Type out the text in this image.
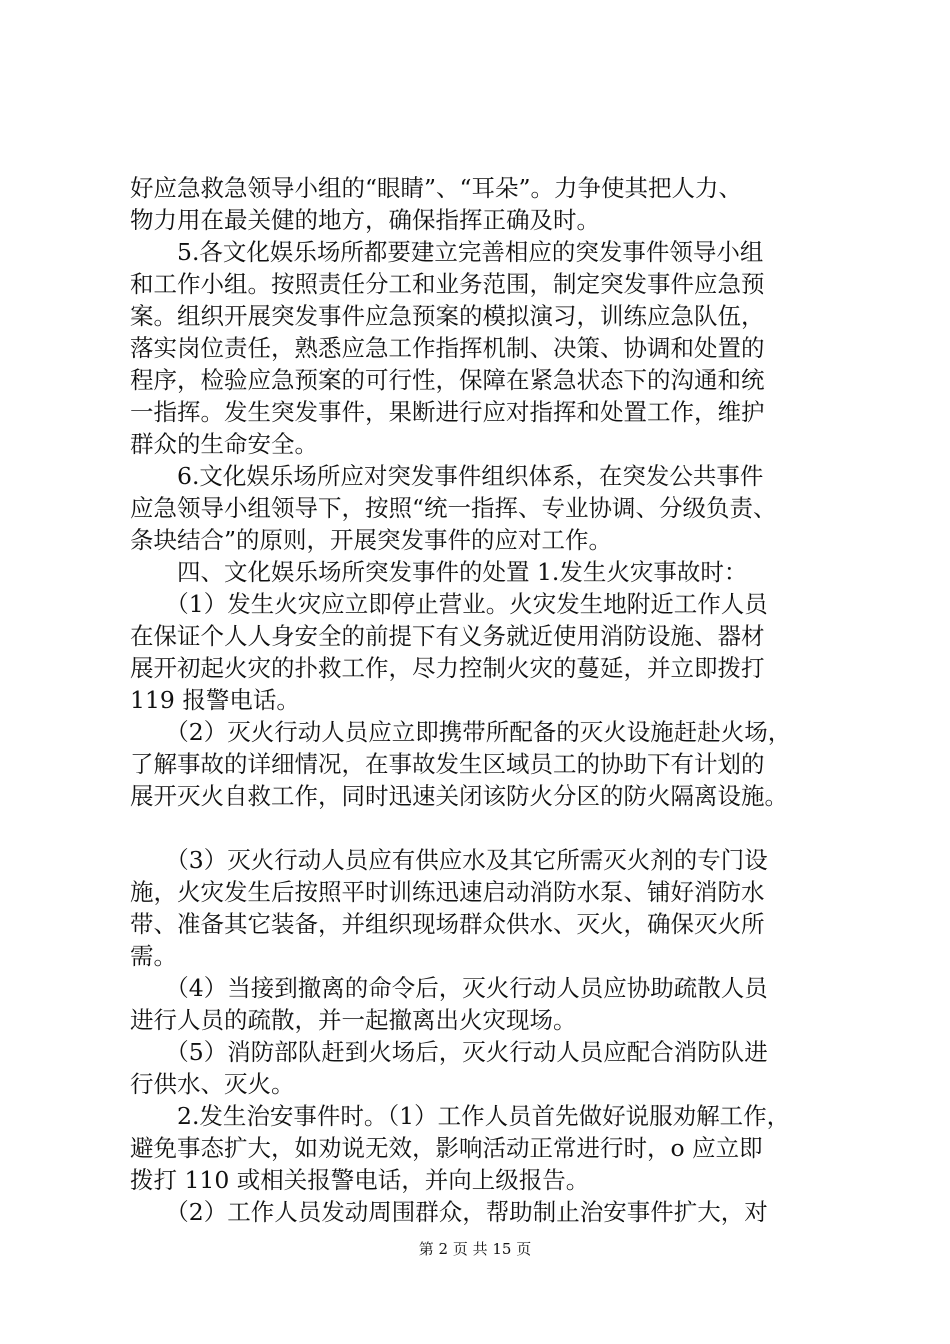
好应急救急领导小组的“眼睛”、“耳朵”。力争使其把人力、
物力用在最关健的地方，确保指挥正确及时。
　　5.各文化娱乐场所都要建立完善相应的突发事件领导小组
和工作小组。按照责任分工和业务范围，制定突发事件应急预
案。组织开展突发事件应急预案的模拟演习，训练应急队伍，
落实岗位责任，熟悉应急工作指挥机制、决策、协调和处置的
程序，检验应急预案的可行性，保障在紧急状态下的沟通和统
一指挥。发生突发事件，果断进行应对指挥和处置工作，维护
群众的生命安全。
　　6.文化娱乐场所应对突发事件组织体系，在突发公共事件
应急领导小组领导下，按照“统一指挥、专业协调、分级负责、
条块结合”的原则，开展突发事件的应对工作。
　　四、文化娱乐场所突发事件的处置 1.发生火灾事故时：
　　（1）发生火灾应立即停止营业。火灾发生地附近工作人员
在保证个人人身安全的前提下有义务就近使用消防设施、器材
展开初起火灾的扑救工作，尽力控制火灾的蔓延，并立即拨打
119 报警电话。
　　（2）灭火行动人员应立即携带所配备的灭火设施赶赴火场，
了解事故的详细情况，在事故发生区域员工的协助下有计划的
展开灭火自救工作，同时迅速关闭该防火分区的防火隔离设施。
　　（3）灭火行动人员应有供应水及其它所需灭火剂的专门设
施，火灾发生后按照平时训练迅速启动消防水泵、铺好消防水
带、准备其它装备，并组织现场群众供水、灭火，确保灭火所
需。
　　（4）当接到撤离的命令后，灭火行动人员应协助疏散人员
进行人员的疏散，并一起撤离出火灾现场。
　　（5）消防部队赶到火场后，灭火行动人员应配合消防队进
行供水、灭火。
　　2.发生治安事件时。（1）工作人员首先做好说服劝解工作，
避免事态扩大，如劝说无效，影响活动正常进行时，o 应立即
拨打 110 或相关报警电话，并向上级报告。
　　（2）工作人员发动周围群众，帮助制止治安事件扩大，对
第 2 页 共 15 页
